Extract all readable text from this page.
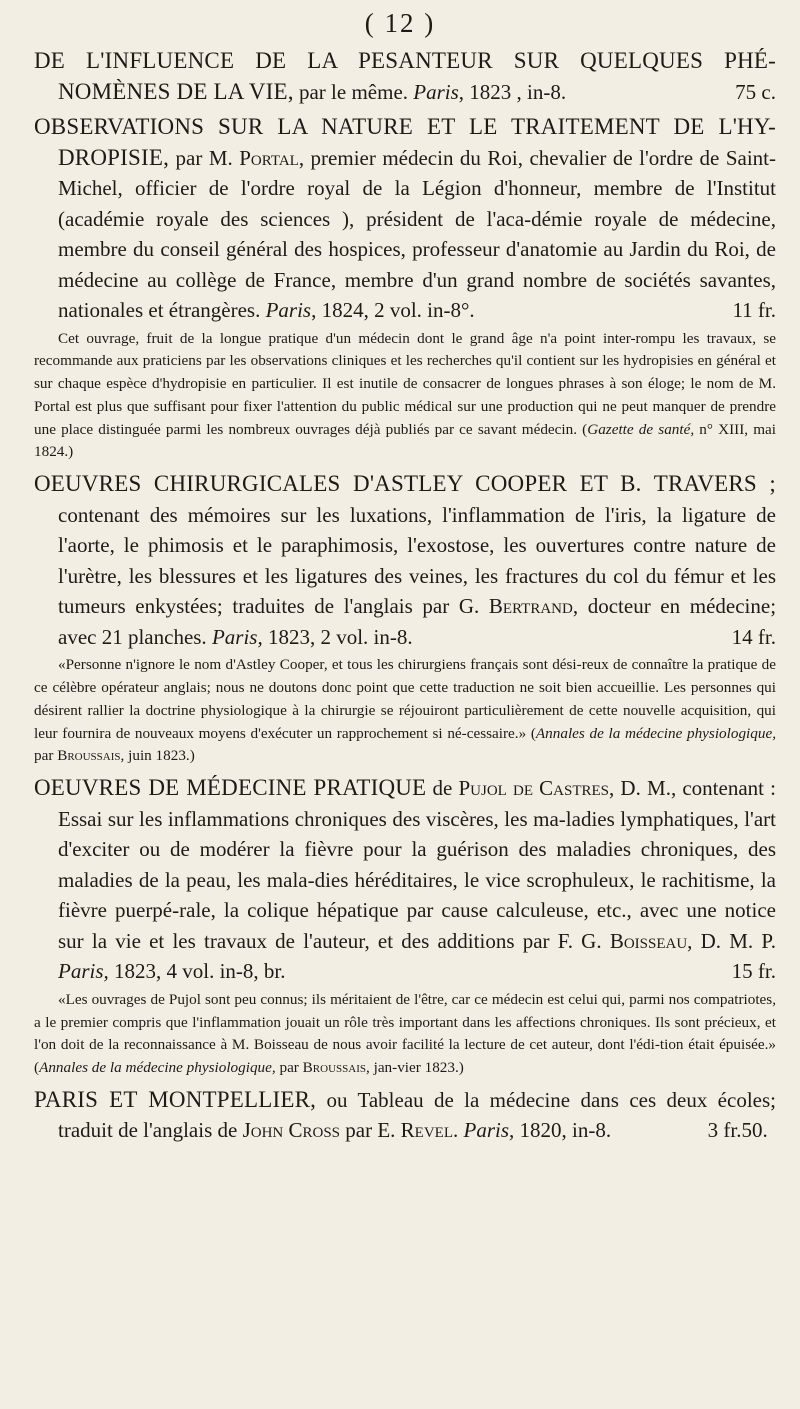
( 12 )
DE L'INFLUENCE DE LA PESANTEUR SUR QUELQUES PHÉ-NOMÈNES DE LA VIE, par le même. Paris, 1823 , in-8.	75 c.
OBSERVATIONS SUR LA NATURE ET LE TRAITEMENT DE L'HY-DROPISIE, par M. Portal, premier médecin du Roi, chevalier de l'ordre de Saint-Michel, officier de l'ordre royal de la Légion d'honneur, membre de l'Institut (académie royale des sciences ), président de l'aca-démie royale de médecine, membre du conseil général des hospices, professeur d'anatomie au Jardin du Roi, de médecine au collège de France, membre d'un grand nombre de sociétés savantes, nationales et étrangères. Paris, 1824, 2 vol. in-8°.	11 fr.
Cet ouvrage, fruit de la longue pratique d'un médecin dont le grand âge n'a point inter-rompu les travaux, se recommande aux praticiens par les observations cliniques et les recherches qu'il contient sur les hydropisies en général et sur chaque espèce d'hydropisie en particulier. Il est inutile de consacrer de longues phrases à son éloge; le nom de M. Portal est plus que suffisant pour fixer l'attention du public médical sur une production qui ne peut manquer de prendre une place distinguée parmi les nombreux ouvrages déjà publiés par ce savant médecin. (Gazette de santé, n° XIII, mai 1824.)
OEUVRES CHIRURGICALES D'ASTLEY COOPER ET B. TRAVERS ; contenant des mémoires sur les luxations, l'inflammation de l'iris, la ligature de l'aorte, le phimosis et le paraphimosis, l'exostose, les ouvertures contre nature de l'urètre, les blessures et les ligatures des veines, les fractures du col du fémur et les tumeurs enkystées; traduites de l'anglais par G. Bertrand, docteur en médecine; avec 21 planches. Paris, 1823, 2 vol. in-8.	14 fr.
«Personne n'ignore le nom d'Astley Cooper, et tous les chirurgiens français sont dési-reux de connaître la pratique de ce célèbre opérateur anglais; nous ne doutons donc point que cette traduction ne soit bien accueillie. Les personnes qui désirent rallier la doctrine physiologique à la chirurgie se réjouiront particulièrement de cette nouvelle acquisition, qui leur fournira de nouveaux moyens d'exécuter un rapprochement si né-cessaire.» (Annales de la médecine physiologique, par Broussais, juin 1823.)
OEUVRES DE MÉDECINE PRATIQUE de Pujol de Castres, D. M., contenant : Essai sur les inflammations chroniques des viscères, les ma-ladies lymphatiques, l'art d'exciter ou de modérer la fièvre pour la guérison des maladies chroniques, des maladies de la peau, les mala-dies héréditaires, le vice scrophuleux, le rachitisme, la fièvre puerpé-rale, la colique hépatique par cause calculeuse, etc., avec une notice sur la vie et les travaux de l'auteur, et des additions par F. G. Boisseau, D. M. P. Paris, 1823, 4 vol. in-8, br.	15 fr.
«Les ouvrages de Pujol sont peu connus; ils méritaient de l'être, car ce médecin est celui qui, parmi nos compatriotes, a le premier compris que l'inflammation jouait un rôle très important dans les affections chroniques. Ils sont précieux, et l'on doit de la reconnaissance à M. Boisseau de nous avoir facilité la lecture de cet auteur, dont l'édi-tion était épuisée.» (Annales de la médecine physiologique, par Broussais, jan-vier 1823.)
PARIS ET MONTPELLIER, ou Tableau de la médecine dans ces deux écoles; traduit de l'anglais de John Cross par E. Revel. Paris, 1820, in-8.	3 fr.50.
